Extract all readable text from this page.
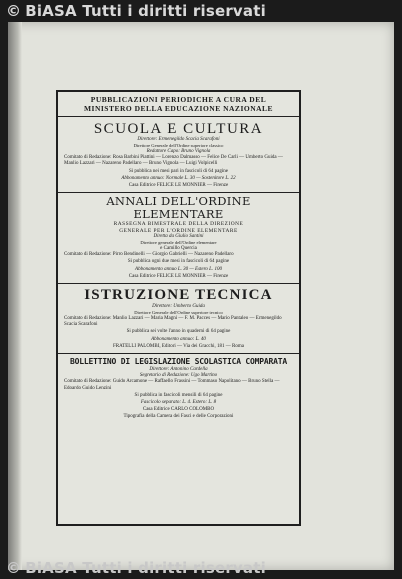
© BiASA Tutti i diritti riservati

PUBBLICAZIONI PERIODICHE A CURA DEL

MINISTERO DELLA EDUCAZIONE NAZIONALE

SCUOLA E CULTURA

Direttore: Ermenegildo Scacia Scarafoni

Direttore Generale dell'Ordine superiore classico

Redattore Capo: Bruno Vignola

Comitato di Redazione: Rosa Barbini Piattini — Lorenzo Dalmasso — Felice De Carli — Umberto Guida — Manlio Lazzari — Nazareno Padellaro — Bruno Vignola — Luigi Volpicelli

Si pubblica nei mesi pari in fascicoli di 64 pagine

Abbonamento annuo: Normale L. 30 — Sostenitore L. 22

Casa Editrice FELICE LE MONNIER — Firenze

ANNALI DELL'ORDINE ELEMENTARE

RASSEGNA BIMESTRALE DELLA DIREZIONE

GENERALE PER L'ORDINE ELEMENTARE

Diretta da Giulio Santini

Direttore generale dell'Ordine elementare

e Camillo Quercia

Comitato di Redazione: Pirro Bendinelli — Giorgio Gabrielli — Nazareno Padellaro

Si pubblica ogni due mesi in fascicoli di 64 pagine

Abbonamento annuo L. 30 — Estero L. 100

Casa Editrice FELICE LE MONNIER — Firenze

ISTRUZIONE TECNICA

Direttore: Umberto Guida

Direttore Generale dell'Ordine superiore tecnico

Comitato di Redazione: Manlio Lazzari — Maria Magni — F. M. Pacces — Mario Pantaleo — Ermenegildo Scacia Scarafoni

Si pubblica sei volte l'anno in quaderni di 64 pagine

Abbonamento annuo: L. 40

FRATELLI PALOMBI, Editori — Via dei Gracchi, 181 — Roma

BOLLETTINO DI LEGISLAZIONE SCOLASTICA COMPARATA

Direttore: Antonino Cardella

Segretario di Redazione: Ugo Martino

Comitato di Redazione: Guido Arcamone — Raffaello Frassini — Tommaso Napolitano — Bruno Stella — Edoardo Guido Lenzini

Si pubblica in fascicoli mensili di 64 pagine

Fascicolo separato: L. 4. Estero: L. 8

Casa Editrice CARLO COLOMBO

Tipografia della Camera dei Fasci e delle Corporazioni

© BiASA Tutti i diritti riservati
